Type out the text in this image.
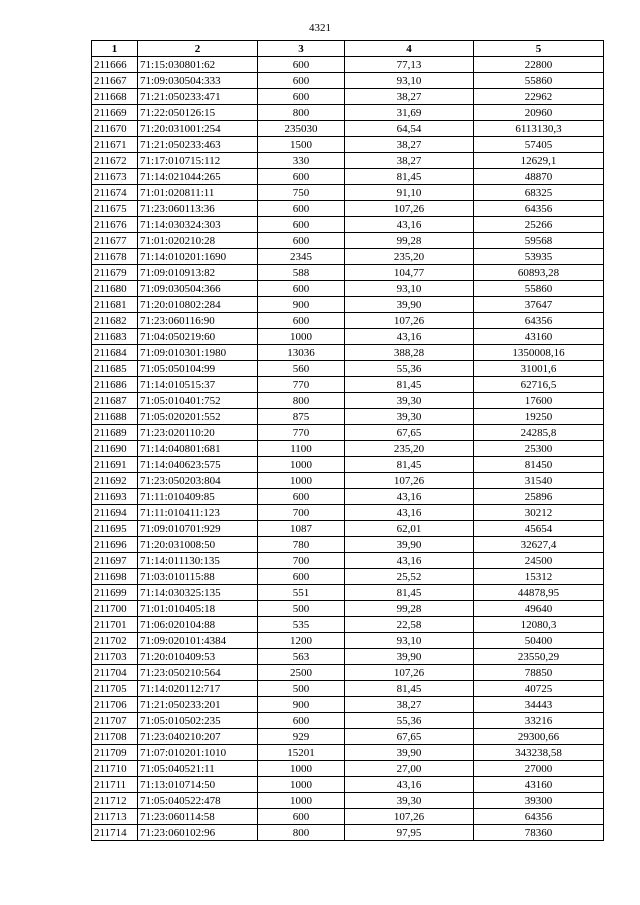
4321
1	2	3	4	5
211666	71:15:030801:62	600	77,13	22800
211667	71:09:030504:333	600	93,10	55860
211668	71:21:050233:471	600	38,27	22962
211669	71:22:050126:15	800	31,69	20960
211670	71:20:031001:254	235030	64,54	6113130,3
211671	71:21:050233:463	1500	38,27	57405
211672	71:17:010715:112	330	38,27	12629,1
211673	71:14:021044:265	600	81,45	48870
211674	71:01:020811:11	750	91,10	68325
211675	71:23:060113:36	600	107,26	64356
211676	71:14:030324:303	600	43,16	25266
211677	71:01:020210:28	600	99,28	59568
211678	71:14:010201:1690	2345	235,20	53935
211679	71:09:010913:82	588	104,77	60893,28
211680	71:09:030504:366	600	93,10	55860
211681	71:20:010802:284	900	39,90	37647
211682	71:23:060116:90	600	107,26	64356
211683	71:04:050219:60	1000	43,16	43160
211684	71:09:010301:1980	13036	388,28	1350008,16
211685	71:05:050104:99	560	55,36	31001,6
211686	71:14:010515:37	770	81,45	62716,5
211687	71:05:010401:752	800	39,30	17600
211688	71:05:020201:552	875	39,30	19250
211689	71:23:020110:20	770	67,65	24285,8
211690	71:14:040801:681	1100	235,20	25300
211691	71:14:040623:575	1000	81,45	81450
211692	71:23:050203:804	1000	107,26	31540
211693	71:11:010409:85	600	43,16	25896
211694	71:11:010411:123	700	43,16	30212
211695	71:09:010701:929	1087	62,01	45654
211696	71:20:031008:50	780	39,90	32627,4
211697	71:14:011130:135	700	43,16	24500
211698	71:03:010115:88	600	25,52	15312
211699	71:14:030325:135	551	81,45	44878,95
211700	71:01:010405:18	500	99,28	49640
211701	71:06:020104:88	535	22,58	12080,3
211702	71:09:020101:4384	1200	93,10	50400
211703	71:20:010409:53	563	39,90	23550,29
211704	71:23:050210:564	2500	107,26	78850
211705	71:14:020112:717	500	81,45	40725
211706	71:21:050233:201	900	38,27	34443
211707	71:05:010502:235	600	55,36	33216
211708	71:23:040210:207	929	67,65	29300,66
211709	71:07:010201:1010	15201	39,90	343238,58
211710	71:05:040521:11	1000	27,00	27000
211711	71:13:010714:50	1000	43,16	43160
211712	71:05:040522:478	1000	39,30	39300
211713	71:23:060114:58	600	107,26	64356
211714	71:23:060102:96	800	97,95	78360
